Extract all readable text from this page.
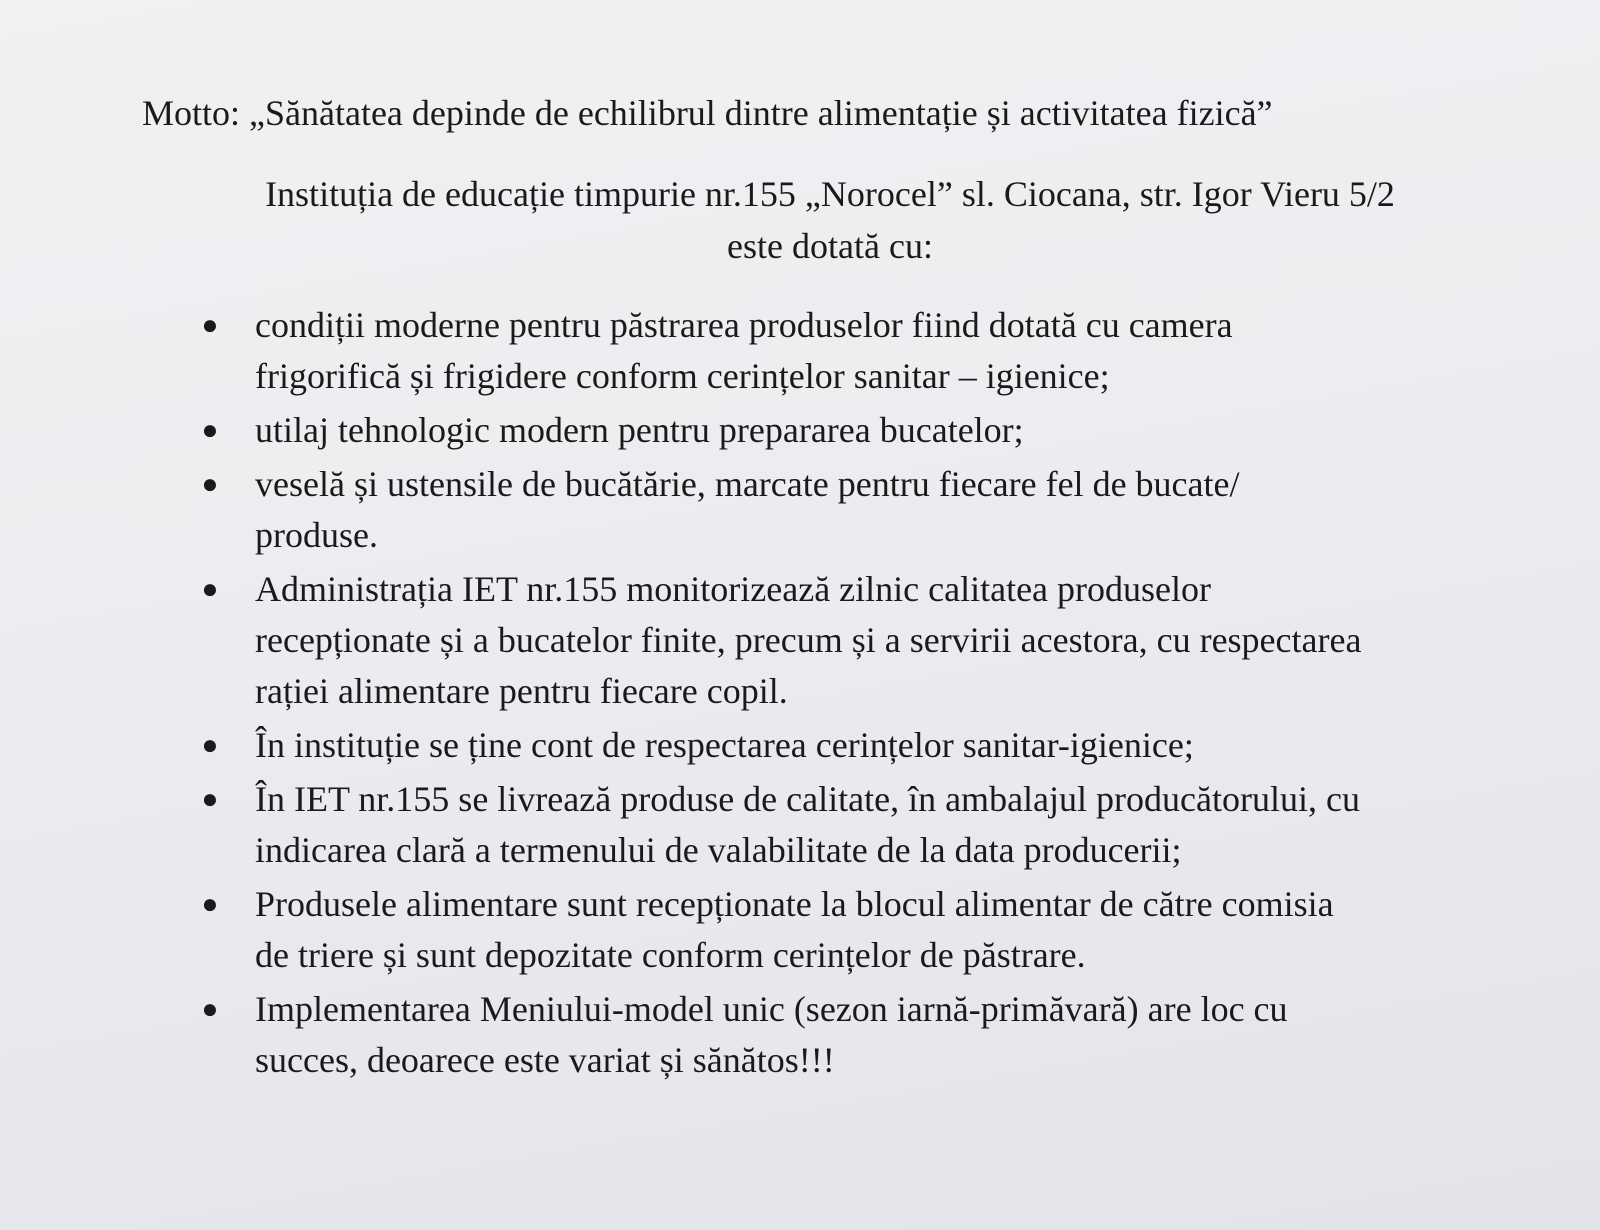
Motto: „Sănătatea depinde de echilibrul dintre alimentație și activitatea fizică”
Instituția de educație timpurie nr.155 „Norocel” sl. Ciocana, str. Igor Vieru 5/2
este dotată cu:
● condiții moderne pentru păstrarea produselor fiind dotată cu camera
frigorifică și frigidere conform cerințelor sanitar – igienice;
● utilaj tehnologic modern pentru prepararea bucatelor;
● veselă și ustensile de bucătărie, marcate pentru fiecare fel de bucate/
produse.
● Administrația IET nr.155 monitorizează zilnic calitatea produselor
recepționate și a bucatelor finite, precum și a servirii acestora, cu respectarea
rației alimentare pentru fiecare copil.
● În instituție se ține cont de respectarea cerințelor sanitar-igienice;
● În IET nr.155 se livrează produse de calitate, în ambalajul producătorului, cu
indicarea clară a termenului de valabilitate de la data producerii;
● Produsele alimentare sunt recepționate la blocul alimentar de către comisia
de triere și sunt depozitate conform cerințelor de păstrare.
● Implementarea Meniului-model unic (sezon iarnă-primăvară) are loc cu
succes, deoarece este variat și sănătos!!!
